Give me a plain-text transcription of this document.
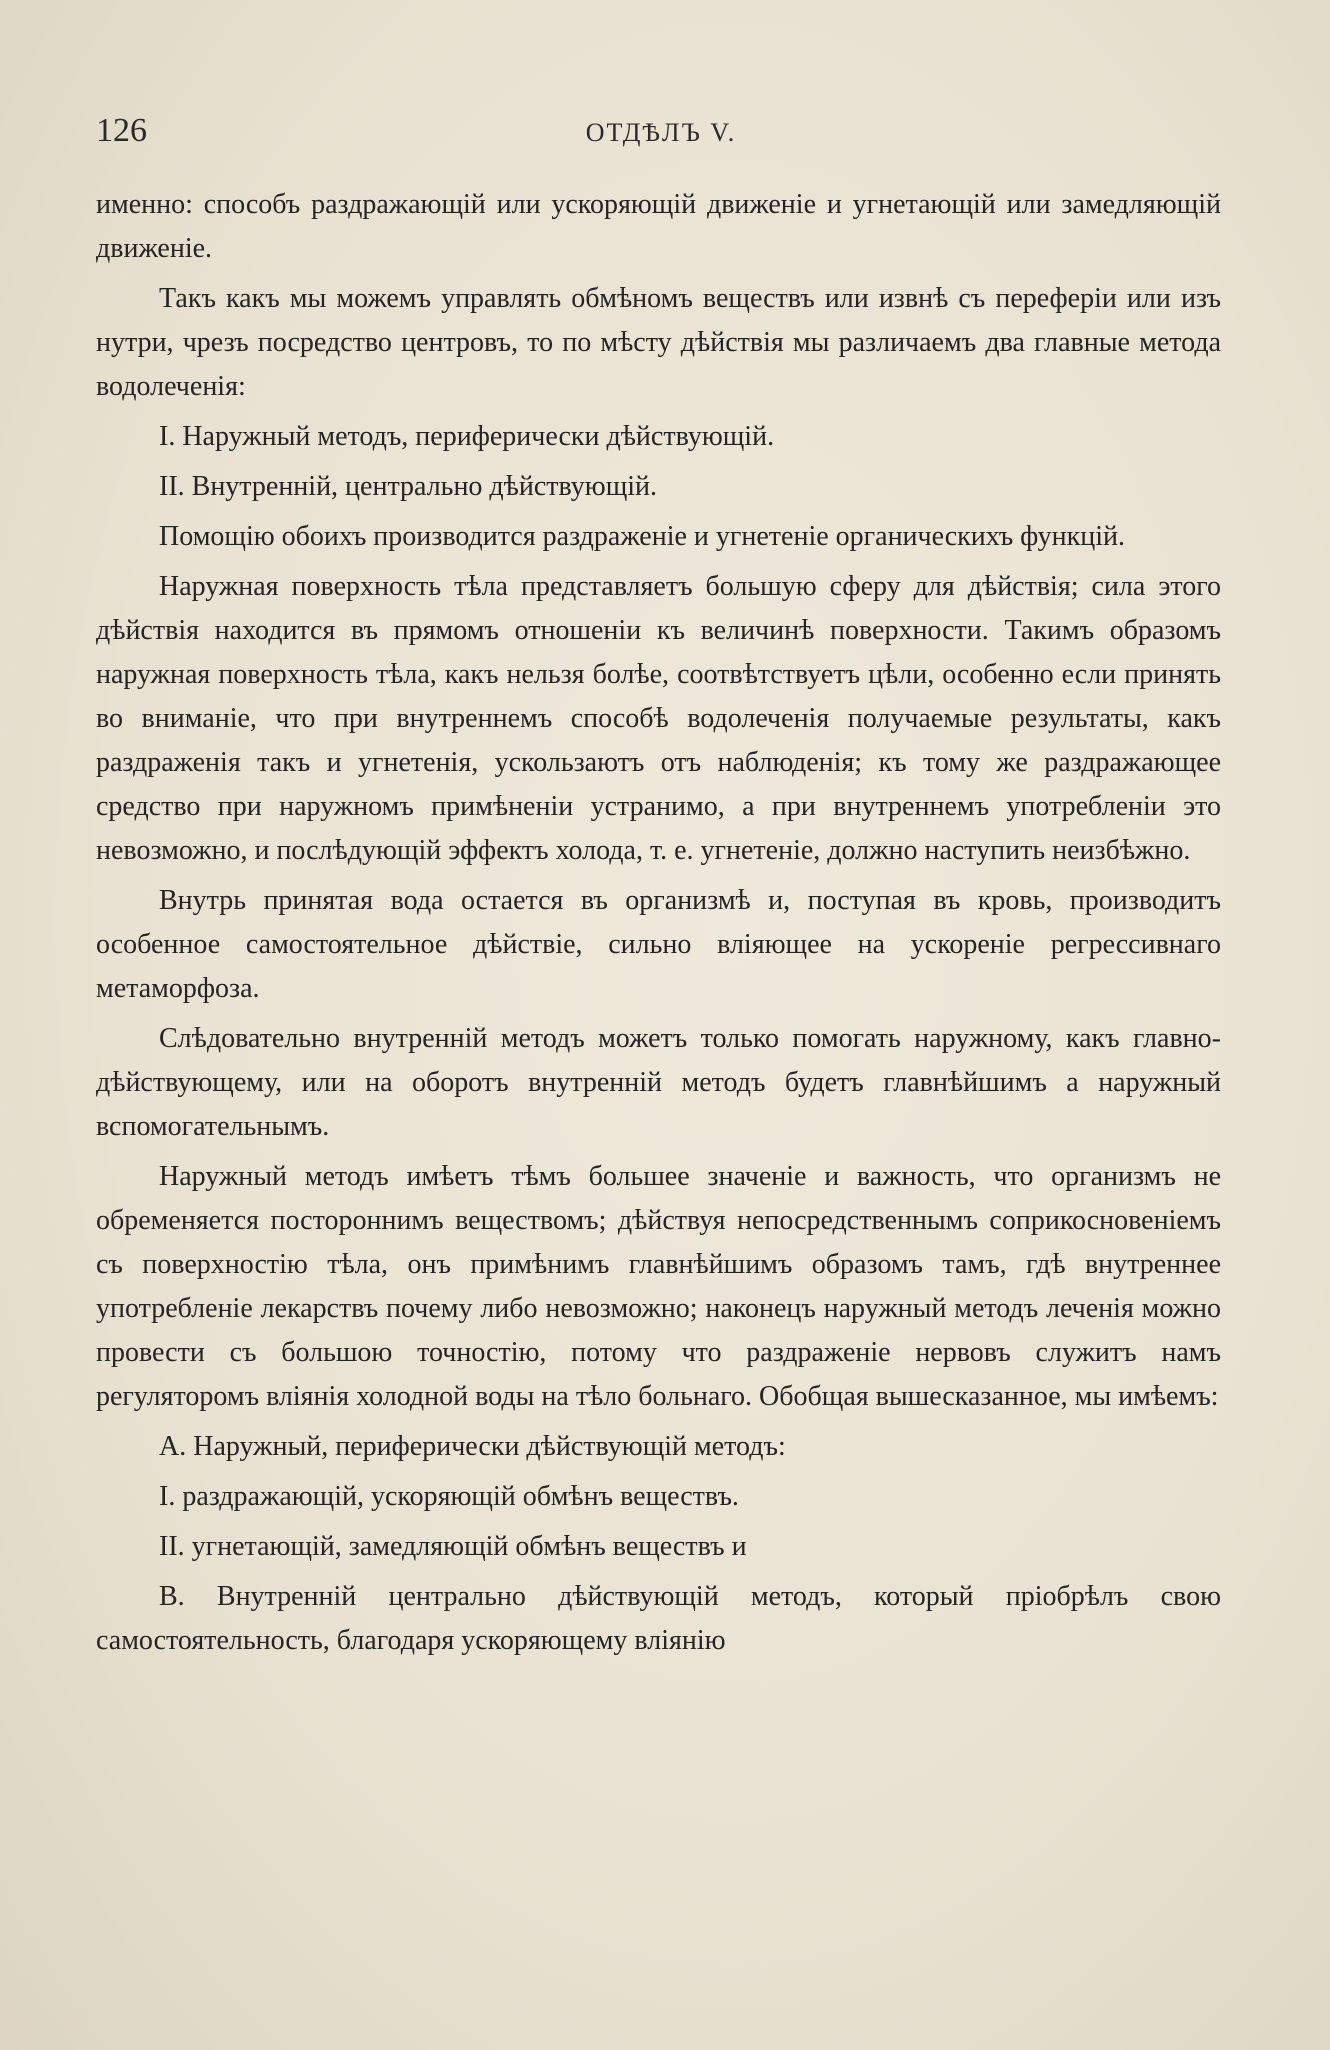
126	ОТДѢЛЪ V.

именно: способъ раздражающій или ускоряющій движеніе и угнетающій или замедляющій движеніе.

Такъ какъ мы можемъ управлять обмѣномъ веществъ или извнѣ съ переферіи или изъ нутри, чрезъ посредство центровъ, то по мѣсту дѣйствія мы различаемъ два главные метода водолеченія:

I. Наружный методъ, периферически дѣйствующій.

II. Внутренній, центрально дѣйствующій.

Помощію обоихъ производится раздраженіе и угнетеніе органическихъ функцій.

Наружная поверхность тѣла представляетъ большую сферу для дѣйствія; сила этого дѣйствія находится въ прямомъ отношеніи къ величинѣ поверхности. Такимъ образомъ наружная поверхность тѣла, какъ нельзя болѣе, соотвѣтствуетъ цѣли, особенно если принять во вниманіе, что при внутреннемъ способѣ водолеченія получаемые результаты, какъ раздраженія такъ и угнетенія, ускользаютъ отъ наблюденія; къ тому же раздражающее средство при наружномъ примѣненіи устранимо, а при внутреннемъ употребленіи это невозможно, и послѣдующій эффектъ холода, т. е. угнетеніе, должно наступить неизбѣжно.

Внутрь принятая вода остается въ организмѣ и, поступая въ кровь, производитъ особенное самостоятельное дѣйствіе, сильно вліяющее на ускореніе регрессивнаго метаморфоза.

Слѣдовательно внутренній методъ можетъ только помогать наружному, какъ главно-дѣйствующему, или на оборотъ внутренній методъ будетъ главнѣйшимъ а наружный вспомогательнымъ.

Наружный методъ имѣетъ тѣмъ большее значеніе и важность, что организмъ не обременяется постороннимъ веществомъ; дѣйствуя непосредственнымъ соприкосновеніемъ съ поверхностію тѣла, онъ примѣнимъ главнѣйшимъ образомъ тамъ, гдѣ внутреннее употребленіе лекарствъ почему либо невозможно; наконецъ наружный методъ леченія можно провести съ большою точностію, потому что раздраженіе нервовъ служитъ намъ регуляторомъ вліянія холодной воды на тѣло больнаго. Обобщая вышесказанное, мы имѣемъ:

A. Наружный, периферически дѣйствующій методъ:

I. раздражающій, ускоряющій обмѣнъ веществъ.

II. угнетающій, замедляющій обмѣнъ веществъ и

B. Внутренній центрально дѣйствующій методъ, который пріобрѣлъ свою самостоятельность, благодаря ускоряющему вліянію
